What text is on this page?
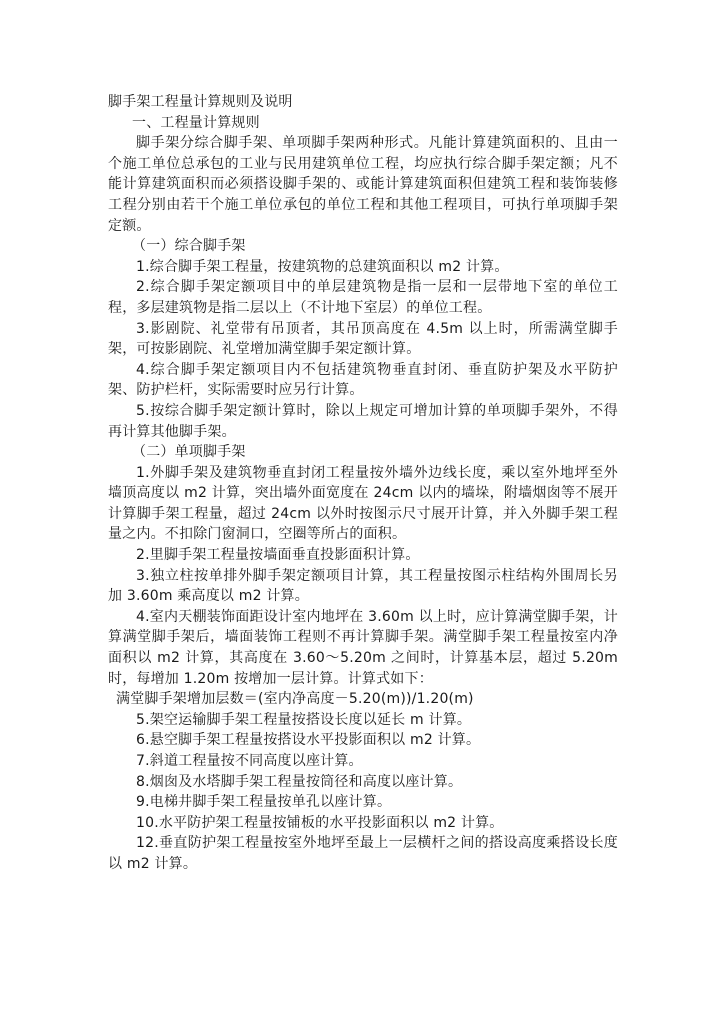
脚手架工程量计算规则及说明

一、工程量计算规则

脚手架分综合脚手架、单项脚手架两种形式。凡能计算建筑面积的、且由一个施工单位总承包的工业与民用建筑单位工程，均应执行综合脚手架定额；凡不能计算建筑面积而必须搭设脚手架的、或能计算建筑面积但建筑工程和装饰装修工程分别由若干个施工单位承包的单位工程和其他工程项目，可执行单项脚手架定额。

（一）综合脚手架

1.综合脚手架工程量，按建筑物的总建筑面积以 m2 计算。

2.综合脚手架定额项目中的单层建筑物是指一层和一层带地下室的单位工程，多层建筑物是指二层以上（不计地下室层）的单位工程。

3.影剧院、礼堂带有吊顶者，其吊顶高度在 4.5m 以上时，所需满堂脚手架，可按影剧院、礼堂增加满堂脚手架定额计算。

4.综合脚手架定额项目内不包括建筑物垂直封闭、垂直防护架及水平防护架、防护栏杆，实际需要时应另行计算。

5.按综合脚手架定额计算时，除以上规定可增加计算的单项脚手架外，不得再计算其他脚手架。

（二）单项脚手架

1.外脚手架及建筑物垂直封闭工程量按外墙外边线长度，乘以室外地坪至外墙顶高度以 m2 计算，突出墙外面宽度在 24cm 以内的墙垛，附墙烟囱等不展开计算脚手架工程量，超过 24cm 以外时按图示尺寸展开计算，并入外脚手架工程量之内。不扣除门窗洞口，空圈等所占的面积。

2.里脚手架工程量按墙面垂直投影面积计算。

3.独立柱按单排外脚手架定额项目计算，其工程量按图示柱结构外围周长另加 3.60m 乘高度以 m2 计算。

4.室内天棚装饰面距设计室内地坪在 3.60m 以上时，应计算满堂脚手架，计算满堂脚手架后，墙面装饰工程则不再计算脚手架。满堂脚手架工程量按室内净面积以 m2 计算，其高度在 3.60～5.20m 之间时，计算基本层，超过 5.20m 时，每增加 1.20m 按增加一层计算。计算式如下：

满堂脚手架增加层数＝(室内净高度－5.20(m))/1.20(m)

5.架空运输脚手架工程量按搭设长度以延长 m 计算。

6.悬空脚手架工程量按搭设水平投影面积以 m2 计算。

7.斜道工程量按不同高度以座计算。

8.烟囱及水塔脚手架工程量按筒径和高度以座计算。

9.电梯井脚手架工程量按单孔以座计算。

10.水平防护架工程量按铺板的水平投影面积以 m2 计算。

12.垂直防护架工程量按室外地坪至最上一层横杆之间的搭设高度乘搭设长度以 m2 计算。
